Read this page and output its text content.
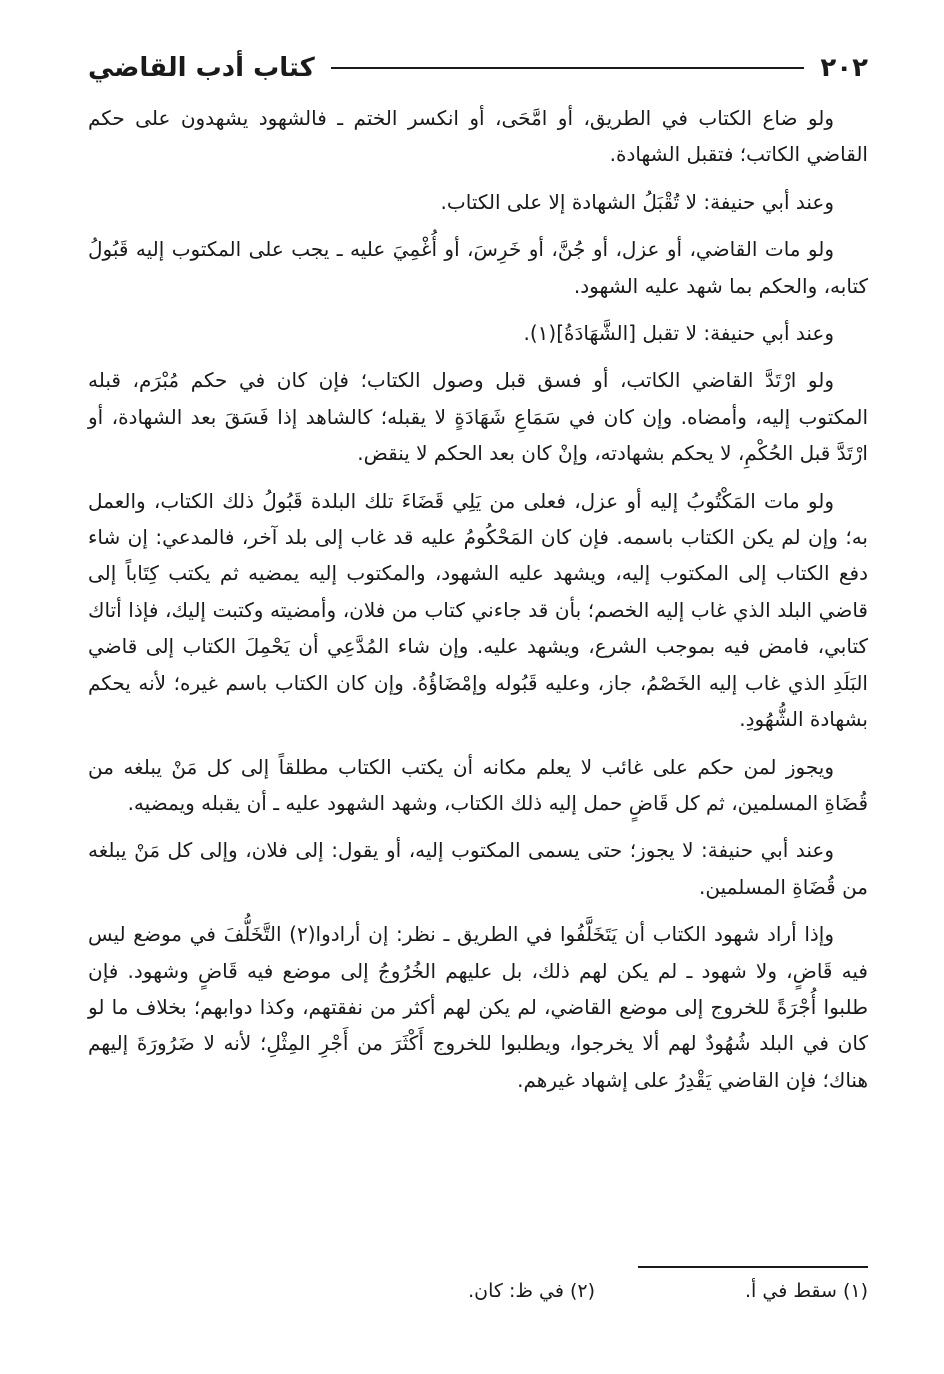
٢٠٢
كتاب أدب القاضي

ولو ضاع الكتاب في الطريق، أو امَّحَى، أو انكسر الختم ـ فالشهود يشهدون على حكم القاضي الكاتب؛ فتقبل الشهادة.

وعند أبي حنيفة: لا تُقْبَلُ الشهادة إلا على الكتاب.

ولو مات القاضي، أو عزل، أو جُنَّ، أو خَرِسَ، أو أُغْمِيَ عليه ـ يجب على المكتوب إليه قَبُولُ كتابه، والحكم بما شهد عليه الشهود.

وعند أبي حنيفة: لا تقبل [الشَّهَادَةُ](١).

ولو ارْتَدَّ القاضي الكاتب، أو فسق قبل وصول الكتاب؛ فإن كان في حكم مُبْرَم، قبله المكتوب إليه، وأمضاه. وإن كان في سَمَاعِ شَهَادَةٍ لا يقبله؛ كالشاهد إذا فَسَقَ بعد الشهادة، أو ارْتَدَّ قبل الحُكْمِ، لا يحكم بشهادته، وإنْ كان بعد الحكم لا ينقض.

ولو مات المَكْتُوبُ إليه أو عزل، فعلى من يَلِي قَضَاءَ تلك البلدة قَبُولُ ذلك الكتاب، والعمل به؛ وإن لم يكن الكتاب باسمه. فإن كان المَحْكُومُ عليه قد غاب إلى بلد آخر، فالمدعي: إن شاء دفع الكتاب إلى المكتوب إليه، ويشهد عليه الشهود، والمكتوب إليه يمضيه ثم يكتب كِتَاباً إلى قاضي البلد الذي غاب إليه الخصم؛ بأن قد جاءني كتاب من فلان، وأمضيته وكتبت إليك، فإذا أتاك كتابي، فامض فيه بموجب الشرع، ويشهد عليه. وإن شاء المُدَّعِي أن يَحْمِلَ الكتاب إلى قاضي البَلَدِ الذي غاب إليه الخَصْمُ، جاز، وعليه قَبُوله وإمْضَاؤُهُ. وإن كان الكتاب باسم غيره؛ لأنه يحكم بشهادة الشُّهُودِ.

ويجوز لمن حكم على غائب لا يعلم مكانه أن يكتب الكتاب مطلقاً إلى كل مَنْ يبلغه من قُضَاةِ المسلمين، ثم كل قَاضٍ حمل إليه ذلك الكتاب، وشهد الشهود عليه ـ أن يقبله ويمضيه.

وعند أبي حنيفة: لا يجوز؛ حتى يسمى المكتوب إليه، أو يقول: إلى فلان، وإلى كل مَنْ يبلغه من قُضَاةِ المسلمين.

وإذا أراد شهود الكتاب أن يَتَخَلَّفُوا في الطريق ـ نظر: إن أرادوا(٢) التَّخَلُّفَ في موضع ليس فيه قَاضٍ، ولا شهود ـ لم يكن لهم ذلك، بل عليهم الخُرُوجُ إلى موضع فيه قَاضٍ وشهود. فإن طلبوا أُجْرَةً للخروج إلى موضع القاضي، لم يكن لهم أكثر من نفقتهم، وكذا دوابهم؛ بخلاف ما لو كان في البلد شُهُودٌ لهم ألا يخرجوا، ويطلبوا للخروج أَكْثَرَ من أَجْرِ المِثْلِ؛ لأنه لا ضَرُورَةَ إليهم هناك؛ فإن القاضي يَقْدِرُ على إشهاد غيرهم.

(١) سقط في أ.
(٢) في ظ: كان.
